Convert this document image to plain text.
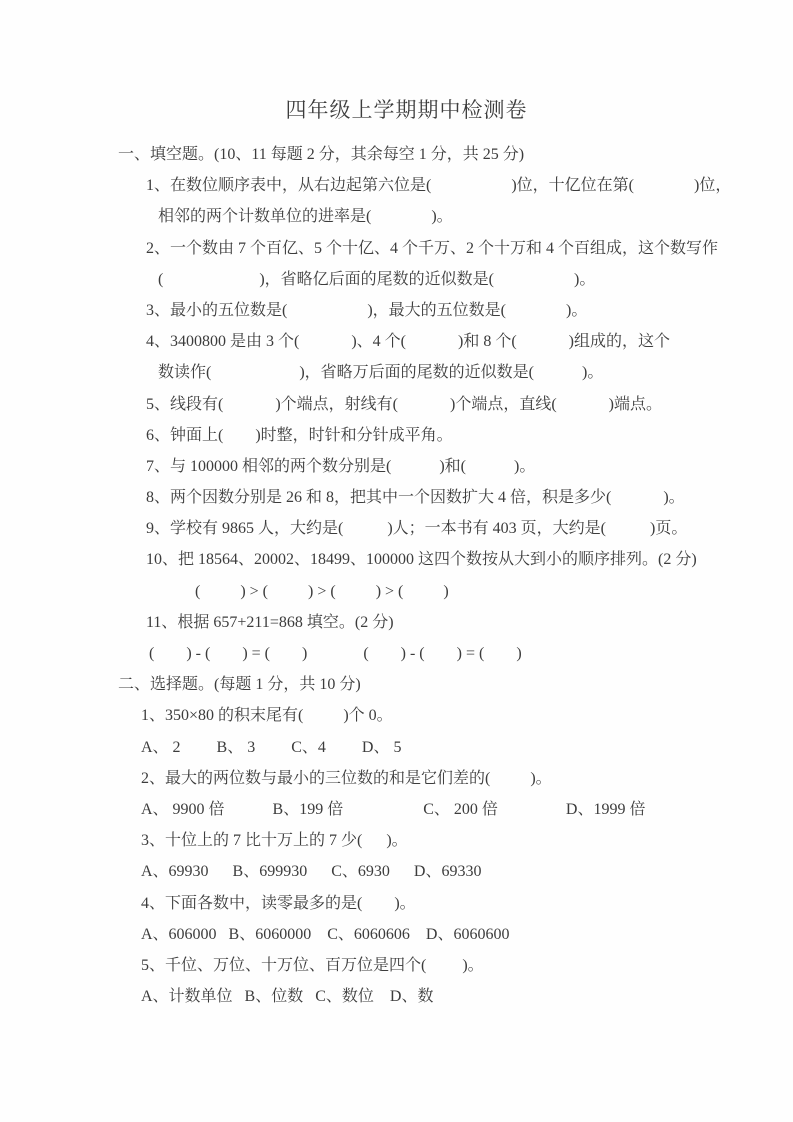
四年级上学期期中检测卷
一、填空题。(10、11 每题 2 分，其余每空 1 分，共 25 分)
1、在数位顺序表中，从右边起第六位是(                    )位，十亿位在第(               )位，
相邻的两个计数单位的进率是(               )。
2、一个数由 7 个百亿、5 个十亿、4 个千万、2 个十万和 4 个百组成，这个数写作
(                        )，省略亿后面的尾数的近似数是(                    )。
3、最小的五位数是(                    )，最大的五位数是(               )。
4、3400800 是由 3 个(             )、4 个(             )和 8 个(             )组成的，这个
数读作(                      )，省略万后面的尾数的近似数是(            )。
5、线段有(             )个端点，射线有(             )个端点，直线(             )端点。
6、钟面上(        )时整，时针和分针成平角。
7、与 100000 相邻的两个数分别是(            )和(            )。
8、两个因数分别是 26 和 8，把其中一个因数扩大 4 倍，积是多少(             )。
9、学校有 9865 人，大约是(           )人；一本书有 403 页，大约是(           )页。
10、把 18564、20002、18499、100000 这四个数按从大到小的顺序排列。(2 分)
(          ) > (          ) > (          ) > (          )
11、根据 657+211=868 填空。(2 分)
(        ) - (        ) = (        )              (        ) - (        ) = (        )
二、选择题。(每题 1 分，共 10 分)
1、350×80 的积末尾有(          )个 0。
A、 2         B、 3         C、4         D、 5
2、最大的两位数与最小的三位数的和是它们差的(          )。
A、 9900 倍            B、199 倍                    C、 200 倍                 D、1999 倍
3、十位上的 7 比十万上的 7 少(      )。
A、69930      B、699930      C、6930      D、69330
4、下面各数中，读零最多的是(        )。
A、606000   B、6060000    C、6060606    D、6060600
5、千位、万位、十万位、百万位是四个(         )。
A、计数单位   B、位数   C、数位    D、数
